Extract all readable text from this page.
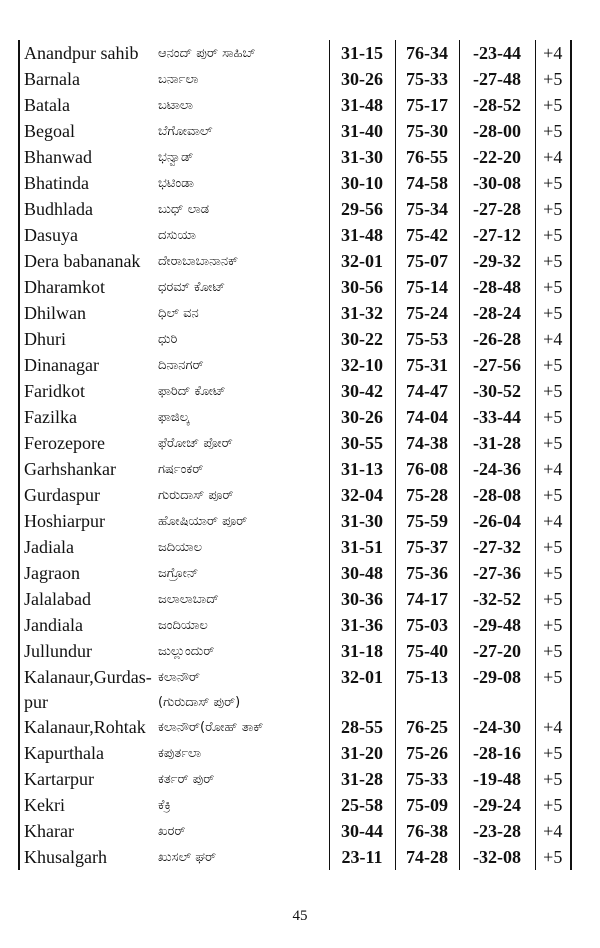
Anandpur sahib	ಆನಂದ್ ಪುರ್ ಸಾಹಿಬ್	31-15	76-34	-23-44	+4
Barnala	ಬರ್ನಾಲಾ	30-26	75-33	-27-48	+5
Batala	ಬಟಾಲಾ	31-48	75-17	-28-52	+5
Begoal	ಬೆಗೋವಾಲ್	31-40	75-30	-28-00	+5
Bhanwad	ಭನ್ವಾಡ್	31-30	76-55	-22-20	+4
Bhatinda	ಭಟಿಂಡಾ	30-10	74-58	-30-08	+5
Budhlada	ಬುಧ್ ಲಾಡ	29-56	75-34	-27-28	+5
Dasuya	ದಸುಯಾ	31-48	75-42	-27-12	+5
Dera babananak	ದೇರಾಬಾಬಾನಾನಕ್	32-01	75-07	-29-32	+5
Dharamkot	ಧರಮ್ ಕೋಟ್	30-56	75-14	-28-48	+5
Dhilwan	ಧಿಲ್ ವನ	31-32	75-24	-28-24	+5
Dhuri	ಧುರಿ	30-22	75-53	-26-28	+4
Dinanagar	ದಿನಾನಗರ್	32-10	75-31	-27-56	+5
Faridkot	ಫಾರಿದ್ ಕೋಟ್	30-42	74-47	-30-52	+5
Fazilka	ಫಾಜಿಲ್ಕ	30-26	74-04	-33-44	+5
Ferozepore	ಫೆರೋಜ್ ಪೋರ್	30-55	74-38	-31-28	+5
Garhshankar	ಗರ್ಷಂಕರ್	31-13	76-08	-24-36	+4
Gurdaspur	ಗುರುದಾಸ್ ಪೂರ್	32-04	75-28	-28-08	+5
Hoshiarpur	ಹೋಷಿಯಾರ್ ಪೂರ್	31-30	75-59	-26-04	+4
Jadiala	ಜದಿಯಾಲ	31-51	75-37	-27-32	+5
Jagraon	ಜಗ್ರೋನ್	30-48	75-36	-27-36	+5
Jalalabad	ಜಲಾಲಾಬಾದ್	30-36	74-17	-32-52	+5
Jandiala	ಜಂದಿಯಾಲ	31-36	75-03	-29-48	+5
Jullundur	ಜುಲ್ಲುಂದುರ್	31-18	75-40	-27-20	+5
Kalanaur,Gurdas-	ಕಲಾನೌರ್	32-01	75-13	-29-08	+5
pur	(ಗುರುದಾಸ್ ಪುರ್)				
Kalanaur,Rohtak	ಕಲಾನೌರ್(ರೋಹ್ ತಾಕ್	28-55	76-25	-24-30	+4
Kapurthala	ಕಪುರ್ತಲಾ	31-20	75-26	-28-16	+5
Kartarpur	ಕರ್ತರ್ ಪುರ್	31-28	75-33	-19-48	+5
Kekri	ಕೆಕ್ರಿ	25-58	75-09	-29-24	+5
Kharar	ಖರರ್	30-44	76-38	-23-28	+4
Khusalgarh	ಖುಸಲ್ ಘರ್	23-11	74-28	-32-08	+5
45
